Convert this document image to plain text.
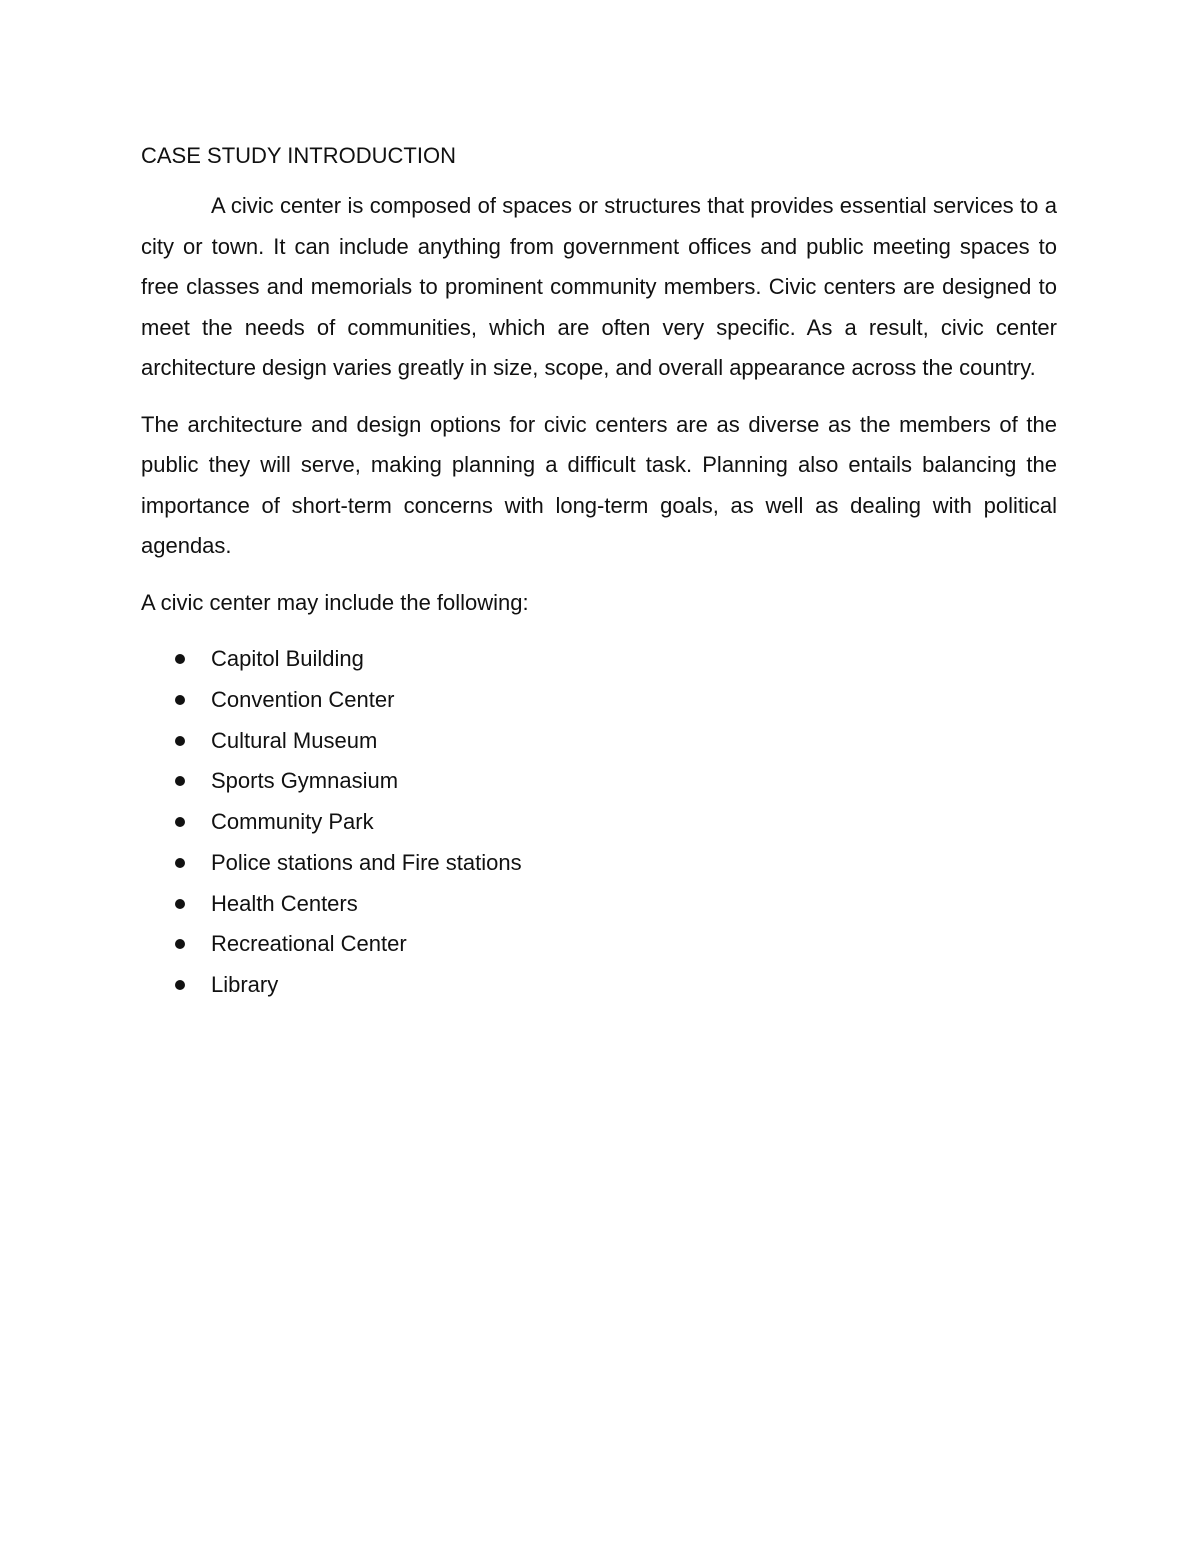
CASE STUDY INTRODUCTION

A civic center is composed of spaces or structures that provides essential services to a city or town. It can include anything from government offices and public meeting spaces to free classes and memorials to prominent community members. Civic centers are designed to meet the needs of communities, which are often very specific. As a result, civic center architecture design varies greatly in size, scope, and overall appearance across the country.

The architecture and design options for civic centers are as diverse as the members of the public they will serve, making planning a difficult task. Planning also entails balancing the importance of short-term concerns with long-term goals, as well as dealing with political agendas.

A civic center may include the following:

Capitol Building
Convention Center
Cultural Museum
Sports Gymnasium
Community Park
Police stations and Fire stations
Health Centers
Recreational Center
Library
